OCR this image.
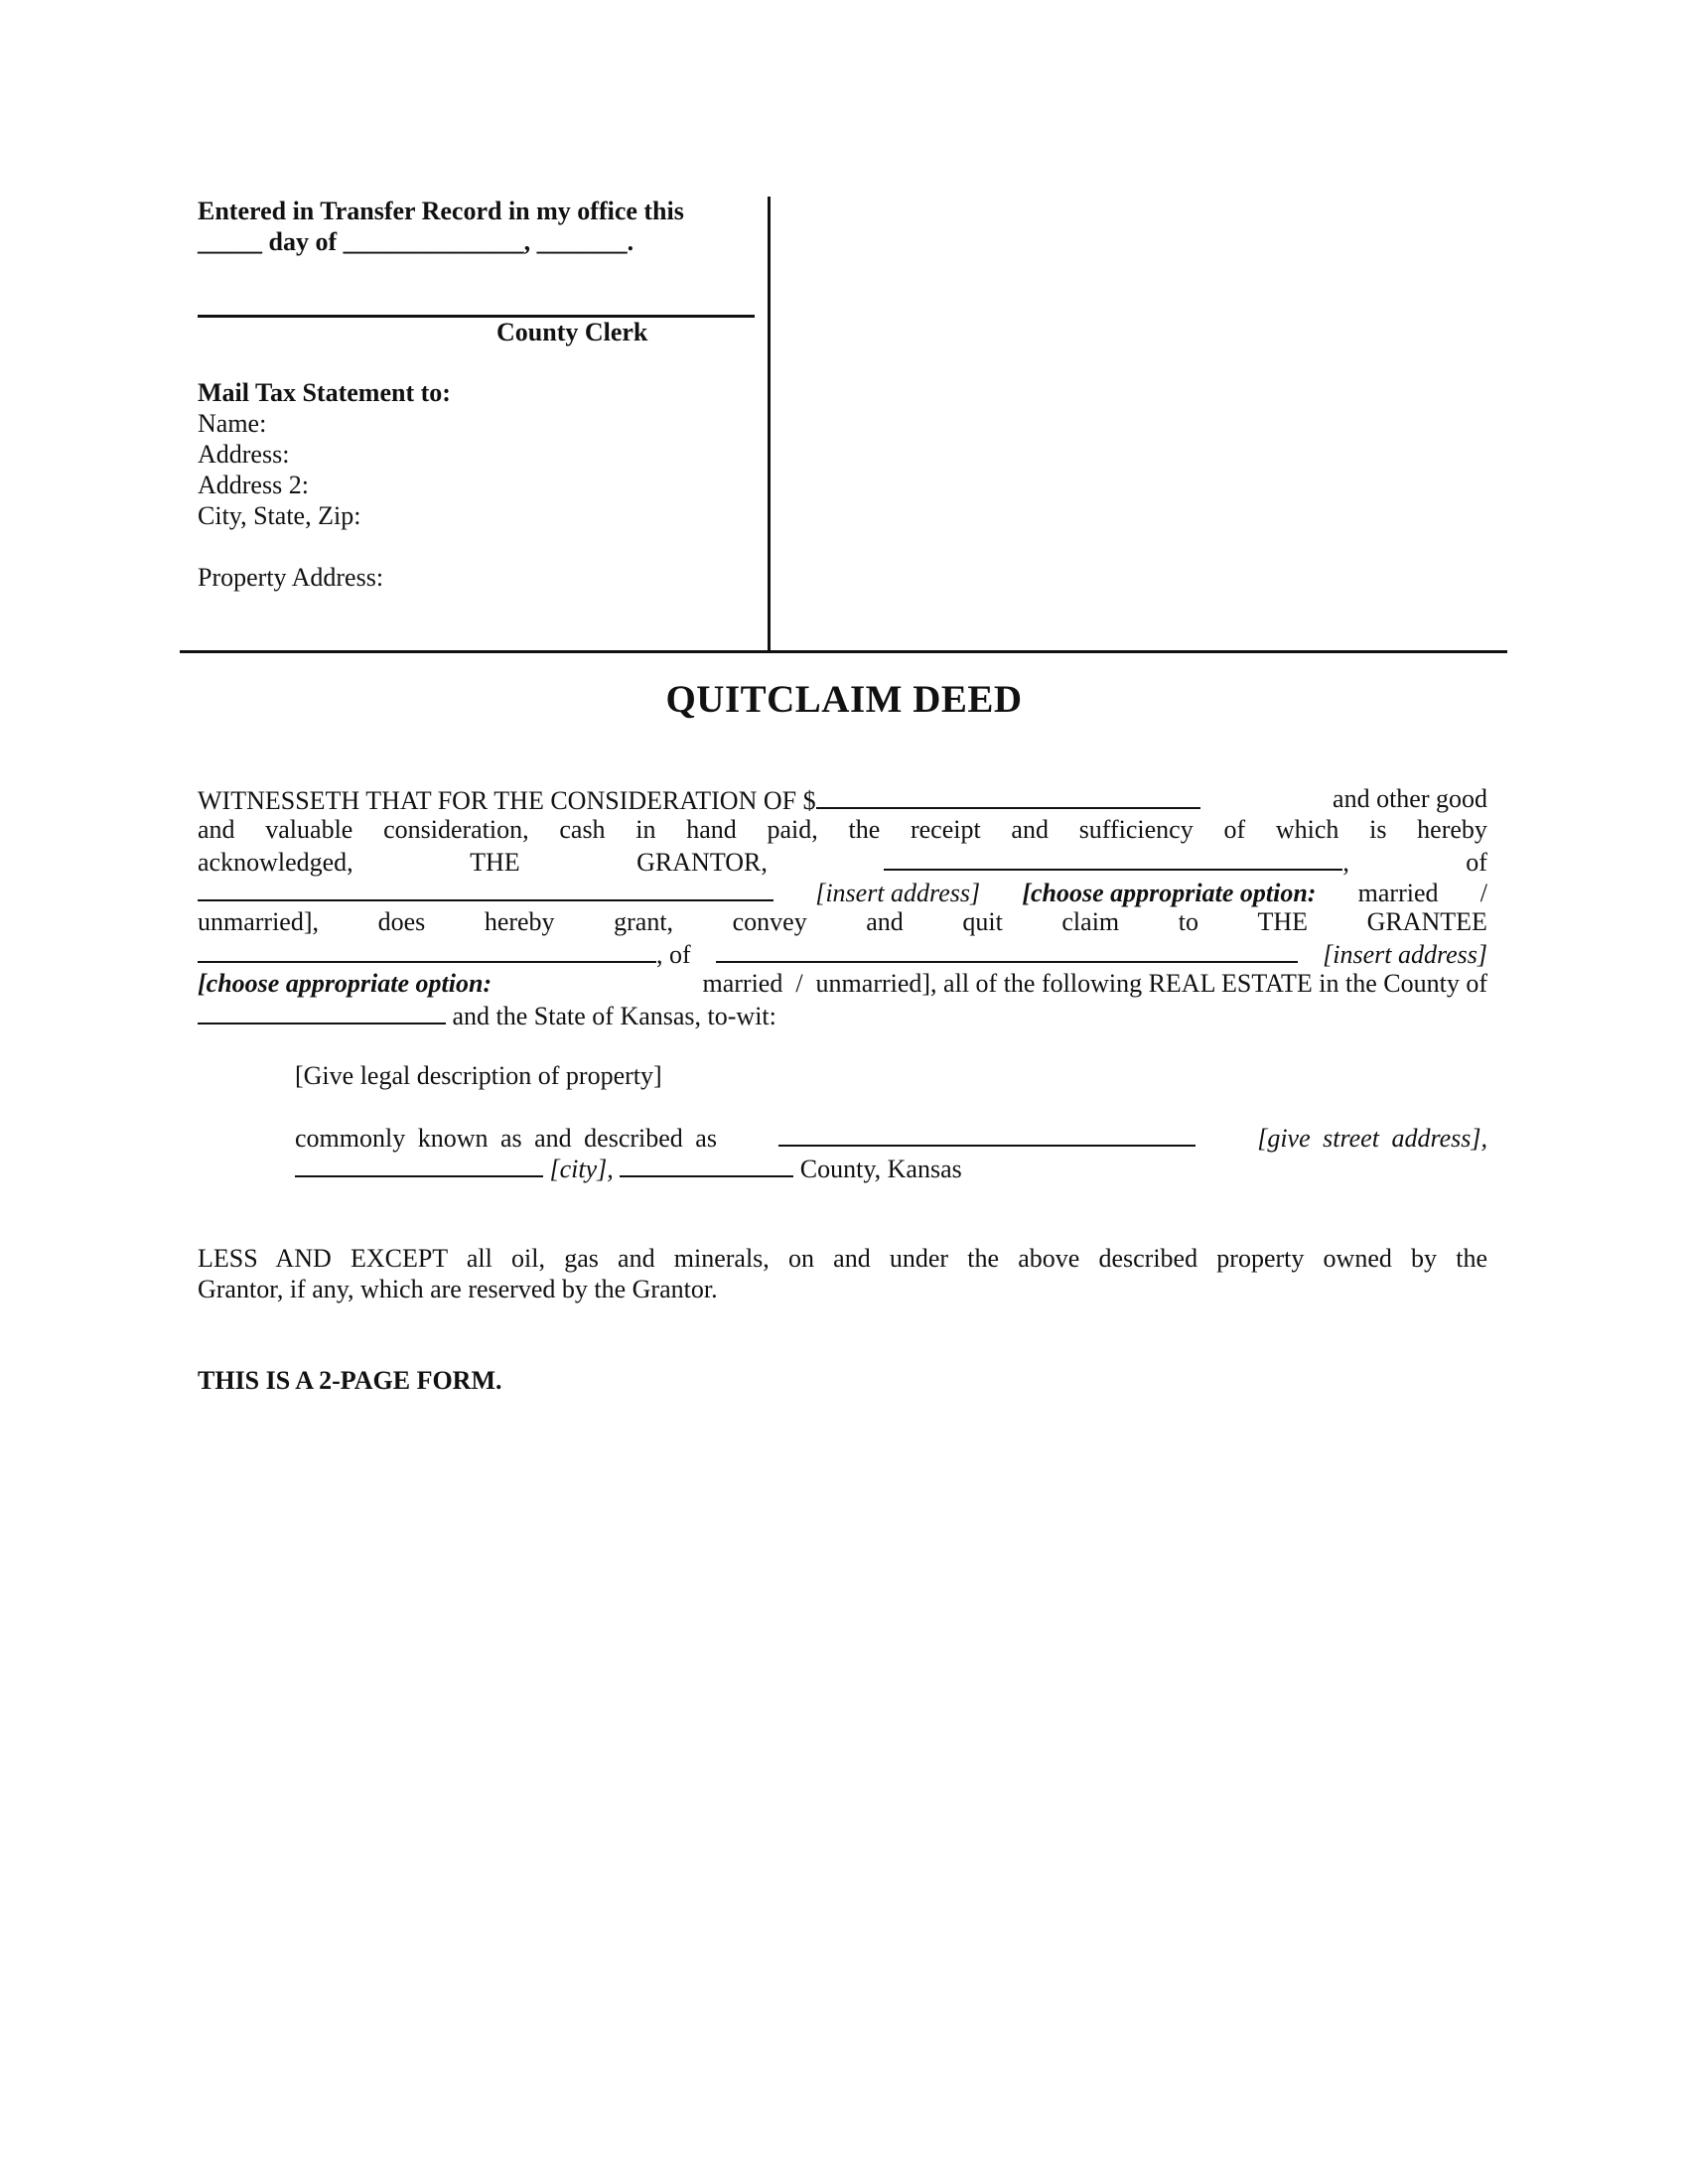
Entered in Transfer Record in my office this
_____ day of ______________, _______.
County Clerk
Mail Tax Statement to:
Name:
Address:
Address 2:
City, State, Zip:
Property Address:
QUITCLAIM DEED
WITNESSETH THAT FOR THE CONSIDERATION OF $	and other good
and valuable consideration, cash in hand paid, the receipt and sufficiency of which is hereby
acknowledged,	THE	GRANTOR,	,	of
[insert address] [choose appropriate option: married /
unmarried], does hereby grant, convey and quit claim to THE GRANTEE
, of	[insert address]
[choose appropriate option:	married  /  unmarried], all of the following REAL ESTATE in the County of
and the State of Kansas, to-wit:
[Give legal description of property]
commonly known as and described as	[give street address],
[city],	County, Kansas
LESS AND EXCEPT all oil, gas and minerals, on and under the above described property owned by the
Grantor, if any, which are reserved by the Grantor.
THIS IS A 2-PAGE FORM.
